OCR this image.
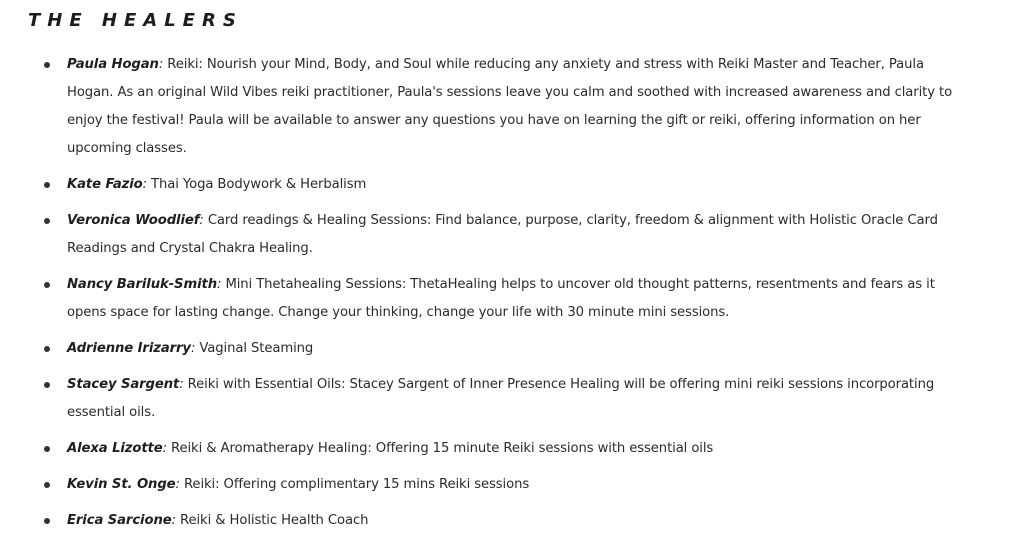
THE HEALERS
Paula Hogan: Reiki: Nourish your Mind, Body, and Soul while reducing any anxiety and stress with Reiki Master and Teacher, Paula Hogan. As an original Wild Vibes reiki practitioner, Paula's sessions leave you calm and soothed with increased awareness and clarity to enjoy the festival! Paula will be available to answer any questions you have on learning the gift or reiki, offering information on her upcoming classes.
Kate Fazio: Thai Yoga Bodywork & Herbalism
Veronica Woodlief: Card readings & Healing Sessions: Find balance, purpose, clarity, freedom & alignment with Holistic Oracle Card Readings and Crystal Chakra Healing.
Nancy Bariluk-Smith: Mini Thetahealing Sessions: ThetaHealing helps to uncover old thought patterns, resentments and fears as it opens space for lasting change. Change your thinking, change your life with 30 minute mini sessions.
Adrienne Irizarry: Vaginal Steaming
Stacey Sargent: Reiki with Essential Oils: Stacey Sargent of Inner Presence Healing will be offering mini reiki sessions incorporating essential oils.
Alexa Lizotte: Reiki & Aromatherapy Healing: Offering 15 minute Reiki sessions with essential oils
Kevin St. Onge: Reiki: Offering complimentary 15 mins Reiki sessions
Erica Sarcione: Reiki & Holistic Health Coach
